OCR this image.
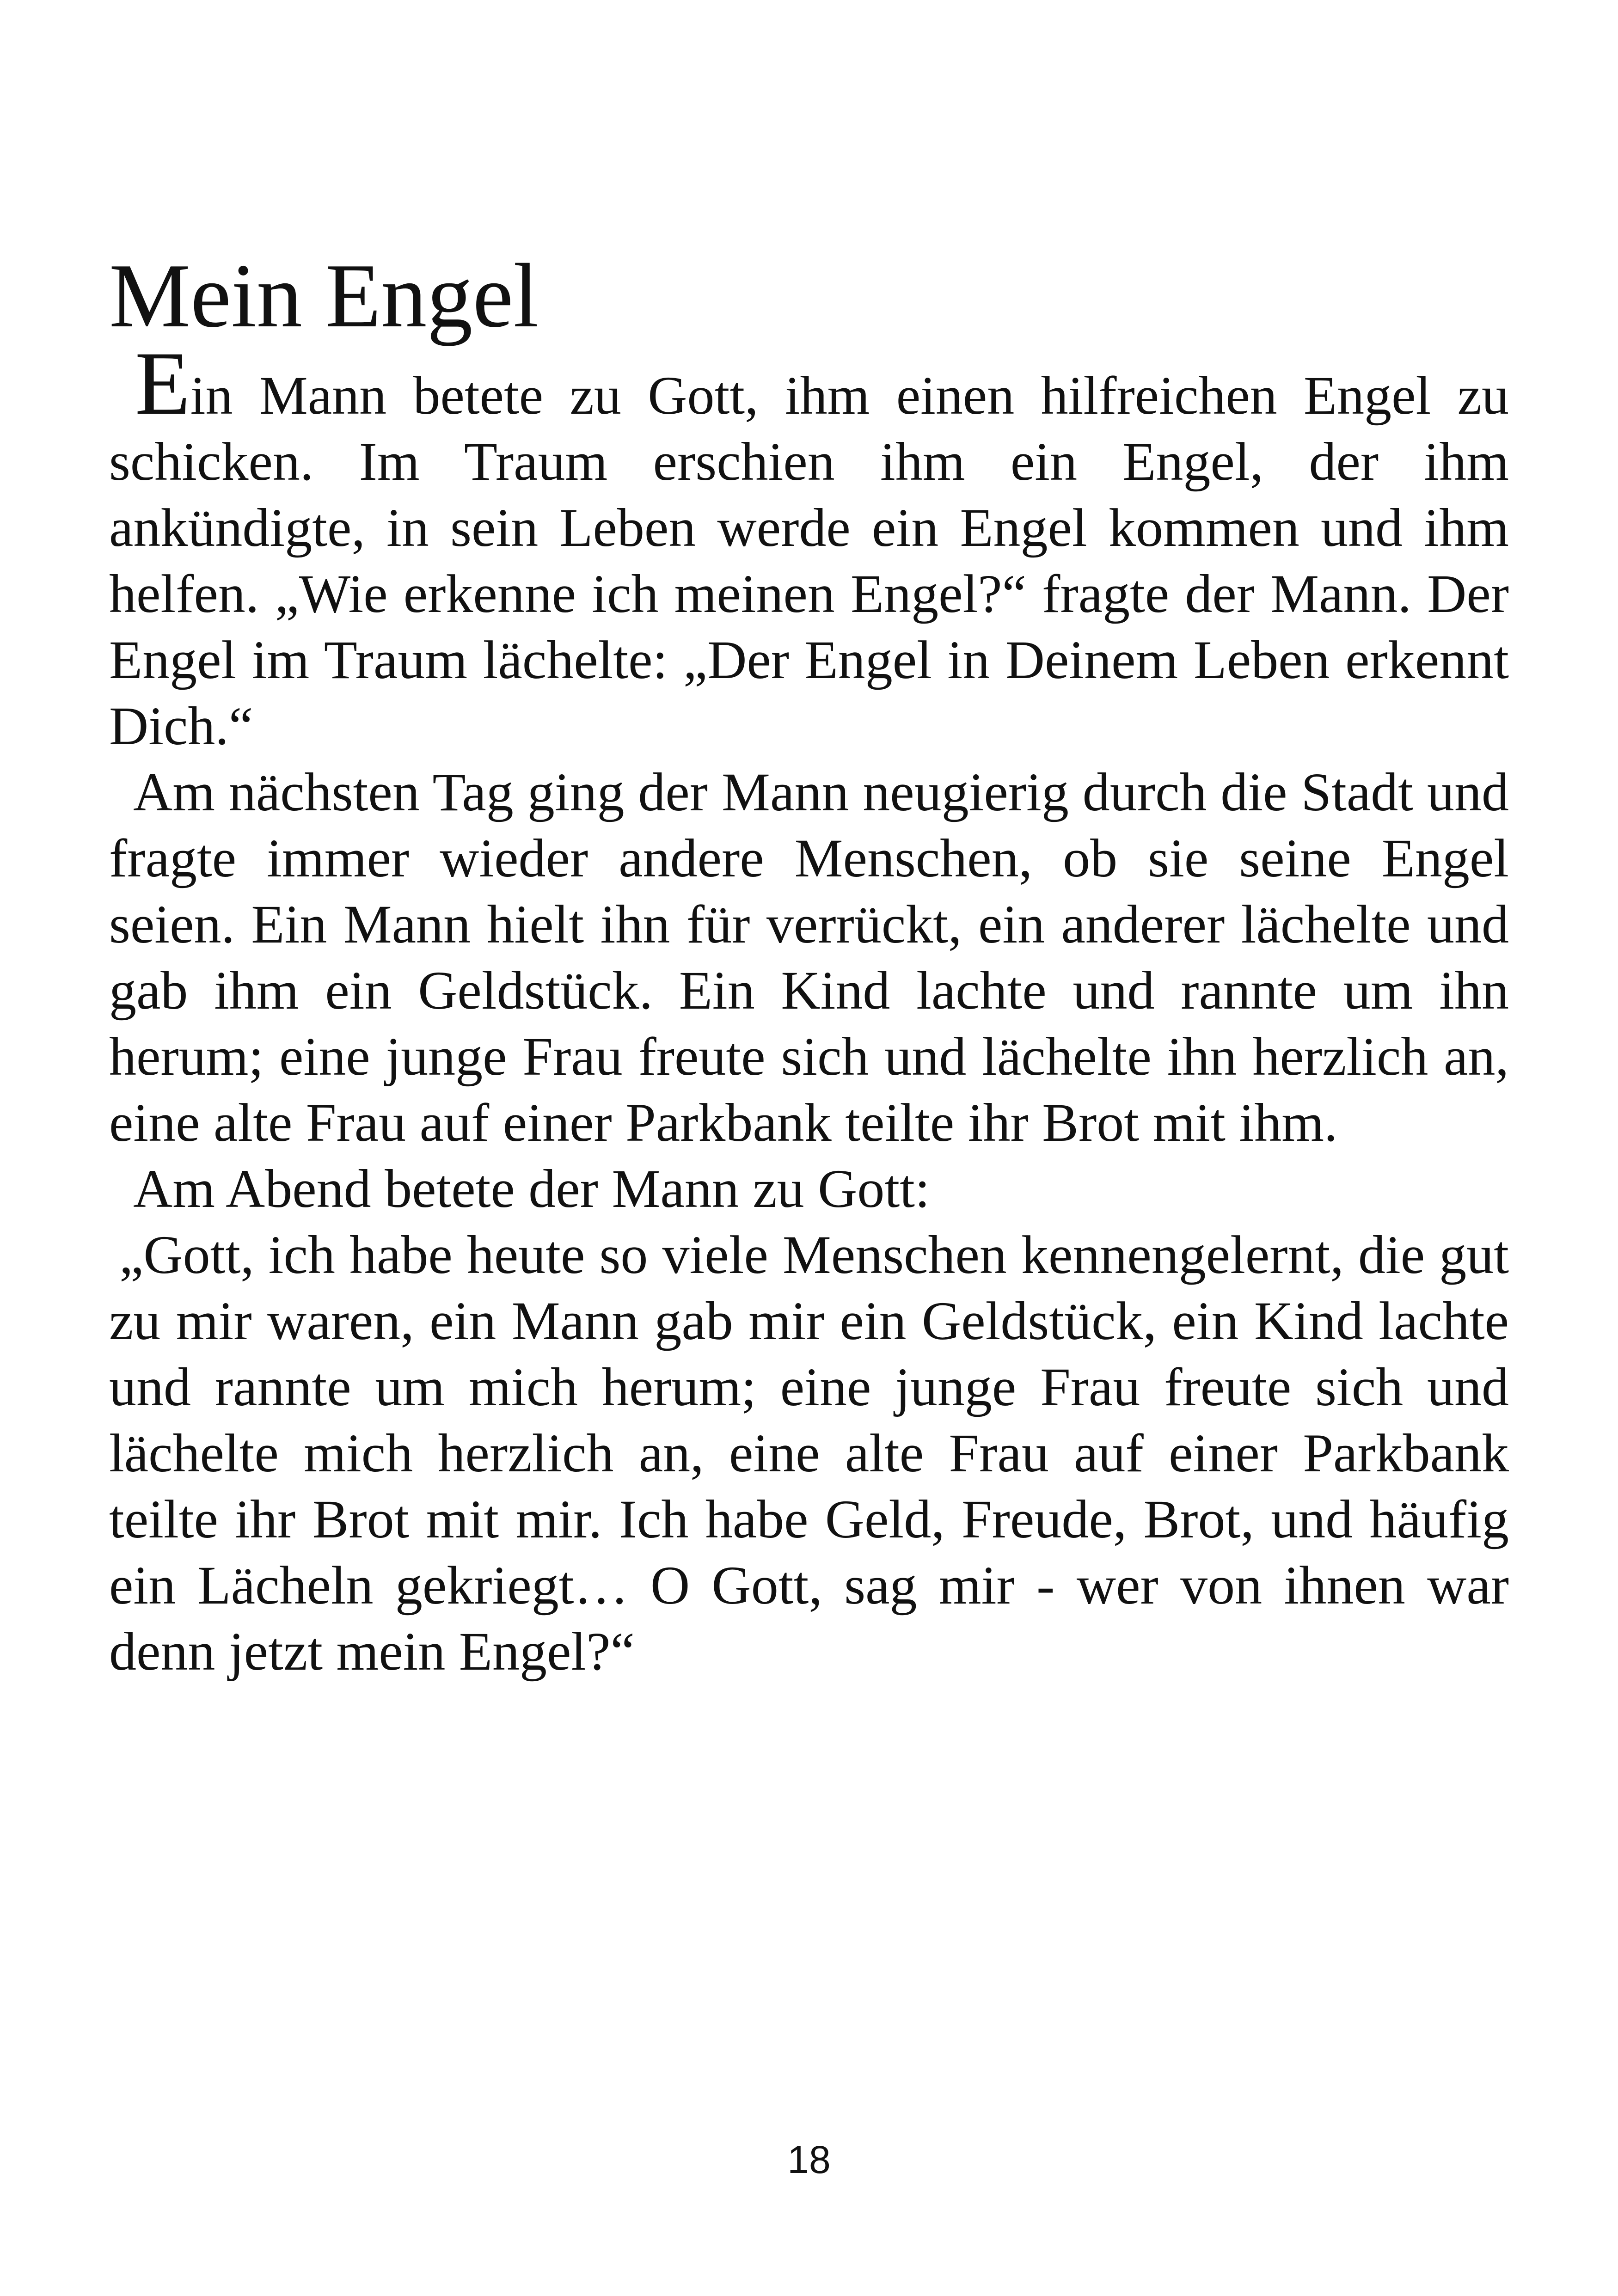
Mein Engel

Ein Mann betete zu Gott, ihm einen hilfreichen Engel zu schicken. Im Traum erschien ihm ein Engel, der ihm ankündigte, in sein Leben werde ein Engel kommen und ihm helfen. „Wie erkenne ich meinen Engel?“ fragte der Mann. Der Engel im Traum lächelte: „Der Engel in Deinem Leben erkennt Dich.“

Am nächsten Tag ging der Mann neugierig durch die Stadt und fragte immer wieder andere Menschen, ob sie seine Engel seien. Ein Mann hielt ihn für verrückt, ein anderer lächelte und gab ihm ein Geldstück. Ein Kind lachte und rannte um ihn herum; eine junge Frau freute sich und lächelte ihn herzlich an, eine alte Frau auf einer Parkbank teilte ihr Brot mit ihm.

Am Abend betete der Mann zu Gott:

„Gott, ich habe heute so viele Menschen kennengelernt, die gut zu mir waren, ein Mann gab mir ein Geldstück, ein Kind lachte und rannte um mich herum; eine junge Frau freute sich und lächelte mich herzlich an, eine alte Frau auf einer Parkbank teilte ihr Brot mit mir. Ich habe Geld, Freude, Brot, und häufig ein Lächeln gekriegt… O Gott, sag mir - wer von ihnen war denn jetzt mein Engel?“

18
